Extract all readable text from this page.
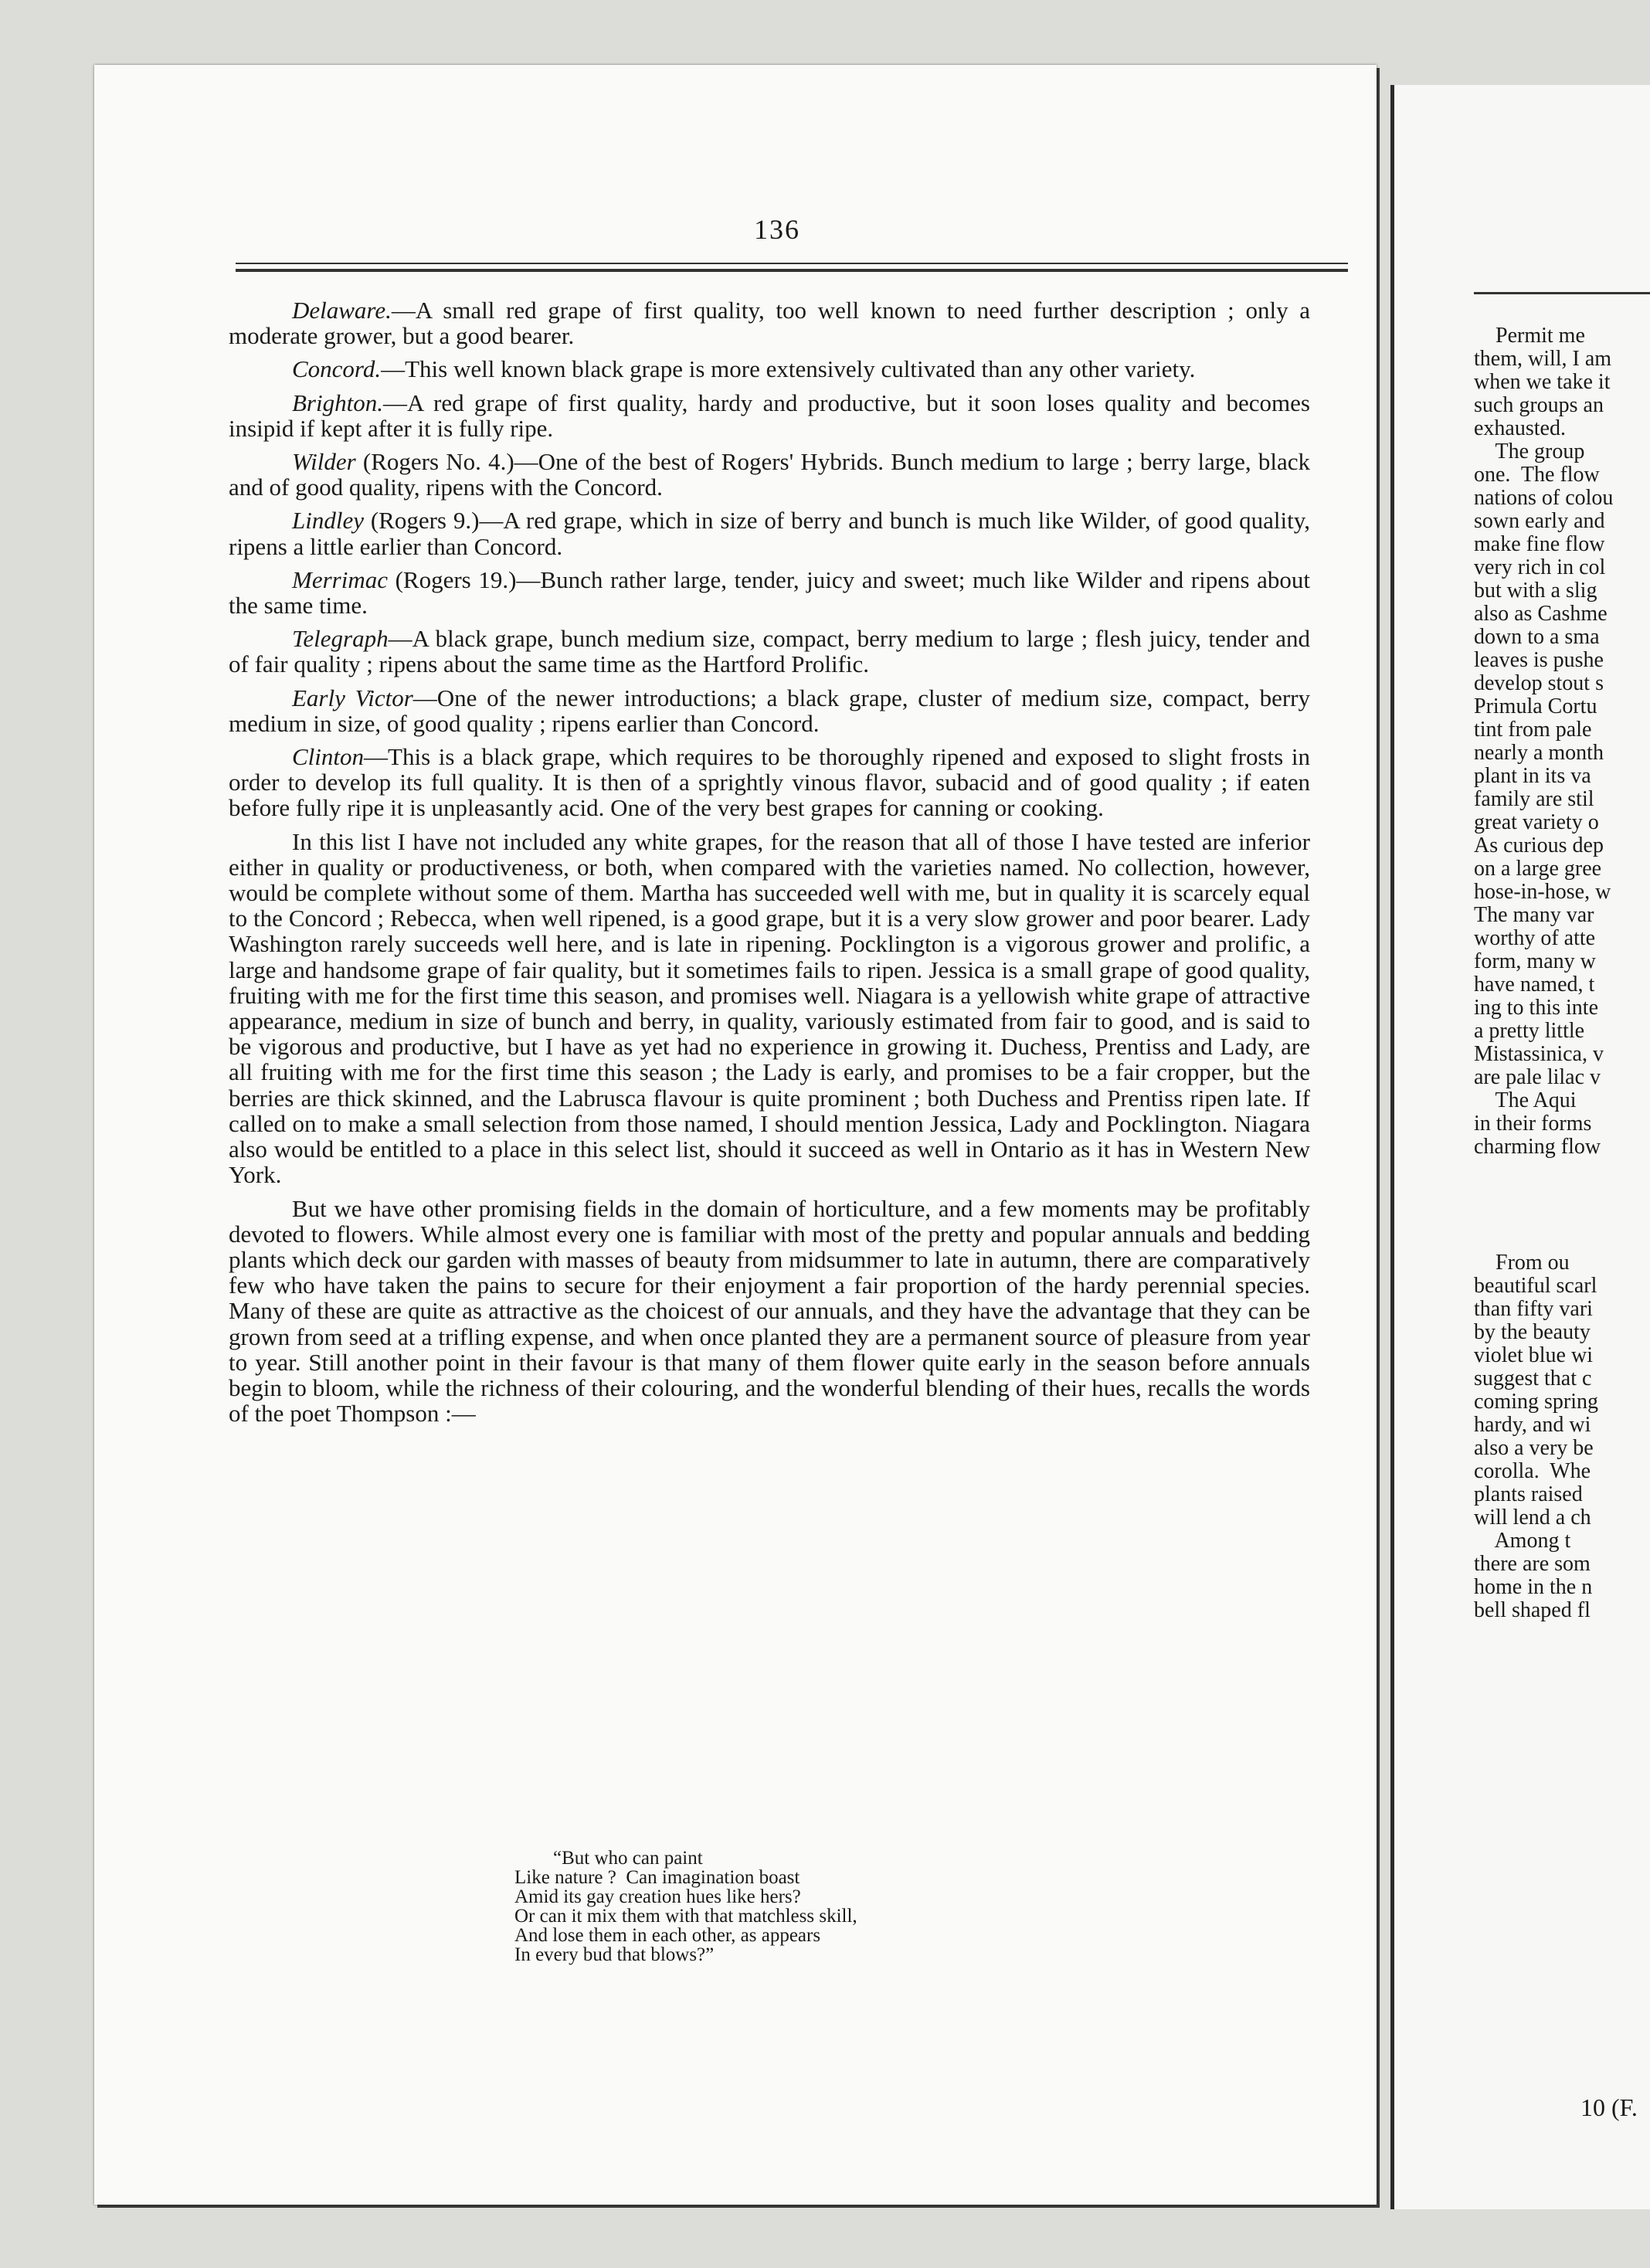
136

Delaware.—A small red grape of first quality, too well known to need further description ; only a moderate grower, but a good bearer.

Concord.—This well known black grape is more extensively cultivated than any other variety.

Brighton.—A red grape of first quality, hardy and productive, but it soon loses quality and becomes insipid if kept after it is fully ripe.

Wilder (Rogers No. 4.)—One of the best of Rogers' Hybrids. Bunch medium to large ; berry large, black and of good quality, ripens with the Concord.

Lindley (Rogers 9.)—A red grape, which in size of berry and bunch is much like Wilder, of good quality, ripens a little earlier than Concord.

Merrimac (Rogers 19.)—Bunch rather large, tender, juicy and sweet; much like Wilder and ripens about the same time.

Telegraph—A black grape, bunch medium size, compact, berry medium to large ; flesh juicy, tender and of fair quality ; ripens about the same time as the Hartford Prolific.

Early Victor—One of the newer introductions; a black grape, cluster of medium size, compact, berry medium in size, of good quality ; ripens earlier than Concord.

Clinton—This is a black grape, which requires to be thoroughly ripened and exposed to slight frosts in order to develop its full quality. It is then of a sprightly vinous flavor, subacid and of good quality ; if eaten before fully ripe it is unpleasantly acid. One of the very best grapes for canning or cooking.

In this list I have not included any white grapes, for the reason that all of those I have tested are inferior either in quality or productiveness, or both, when compared with the varieties named. No collection, however, would be complete without some of them. Martha has succeeded well with me, but in quality it is scarcely equal to the Concord ; Rebecca, when well ripened, is a good grape, but it is a very slow grower and poor bearer. Lady Washington rarely succeeds well here, and is late in ripening. Pocklington is a vigorous grower and prolific, a large and handsome grape of fair quality, but it sometimes fails to ripen. Jessica is a small grape of good quality, fruiting with me for the first time this season, and promises well. Niagara is a yellowish white grape of attractive appearance, medium in size of bunch and berry, in quality, variously estimated from fair to good, and is said to be vigorous and productive, but I have as yet had no experience in growing it. Duchess, Prentiss and Lady, are all fruiting with me for the first time this season ; the Lady is early, and promises to be a fair cropper, but the berries are thick skinned, and the Labrusca flavour is quite prominent ; both Duchess and Prentiss ripen late. If called on to make a small selection from those named, I should mention Jessica, Lady and Pocklington. Niagara also would be entitled to a place in this select list, should it succeed as well in Ontario as it has in Western New York.

But we have other promising fields in the domain of horticulture, and a few moments may be profitably devoted to flowers. While almost every one is familiar with most of the pretty and popular annuals and bedding plants which deck our garden with masses of beauty from midsummer to late in autumn, there are comparatively few who have taken the pains to secure for their enjoyment a fair proportion of the hardy perennial species. Many of these are quite as attractive as the choicest of our annuals, and they have the advantage that they can be grown from seed at a trifling expense, and when once planted they are a permanent source of pleasure from year to year. Still another point in their favour is that many of them flower quite early in the season before annuals begin to bloom, while the richness of their colouring, and the wonderful blending of their hues, recalls the words of the poet Thompson :—

“But who can paint
Like nature ?  Can imagination boast
Amid its gay creation hues like hers?
Or can it mix them with that matchless skill,
And lose them in each other, as appears
In every bud that blows?”
Permit me
them, will, I am
when we take it
such groups an
exhausted.
The group
one.  The flow
nations of colou
sown early and
make fine flow
very rich in col
but with a slig
also as Cashme
down to a sma
leaves is pushe
develop stout s
Primula Cortu
tint from pale
nearly a month
plant in its va
family are stil
great variety o
As curious dep
on a large gree
hose-in-hose, w
The many var
worthy of atte
form, many w
have named, t
ing to this inte
a pretty little
Mistassinica, v
are pale lilac v
The Aqui
in their forms
charming flow

From ou
beautiful scarl
than fifty vari
by the beauty
violet blue wi
suggest that c
coming spring
hardy, and wi
also a very be
corolla.  Whe
plants raised
will lend a ch
Among t
there are som
home in the n
bell shaped fl
10 (F.
